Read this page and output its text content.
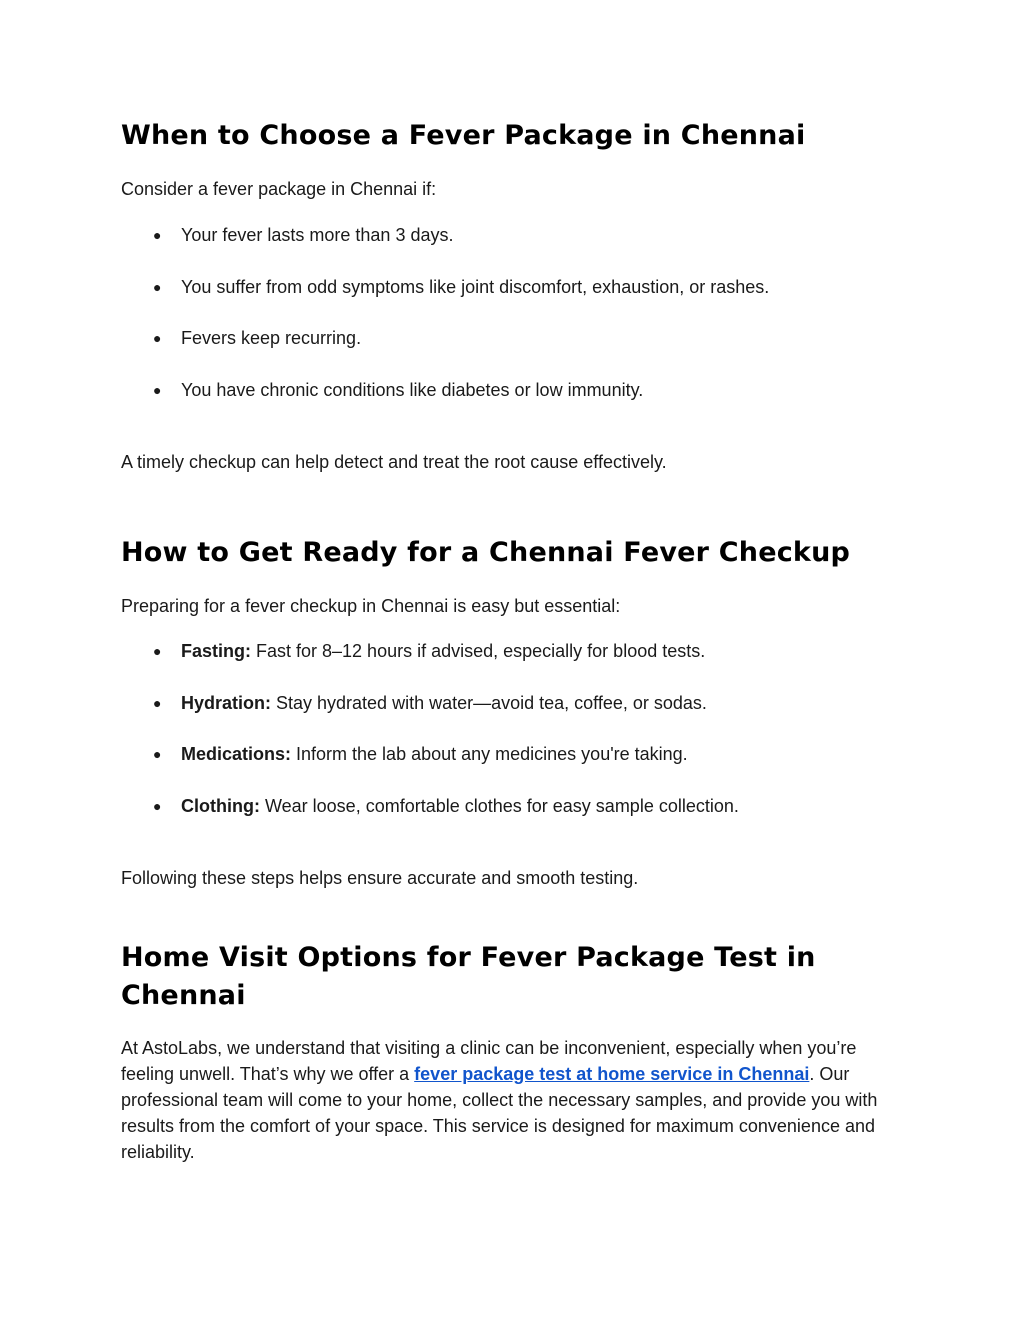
When to Choose a Fever Package in Chennai

Consider a fever package in Chennai if:

● Your fever lasts more than 3 days.
● You suffer from odd symptoms like joint discomfort, exhaustion, or rashes.
● Fevers keep recurring.
● You have chronic conditions like diabetes or low immunity.

A timely checkup can help detect and treat the root cause effectively.

How to Get Ready for a Chennai Fever Checkup

Preparing for a fever checkup in Chennai is easy but essential:

● Fasting: Fast for 8–12 hours if advised, especially for blood tests.
● Hydration: Stay hydrated with water—avoid tea, coffee, or sodas.
● Medications: Inform the lab about any medicines you're taking.
● Clothing: Wear loose, comfortable clothes for easy sample collection.

Following these steps helps ensure accurate and smooth testing.

Home Visit Options for Fever Package Test in Chennai

At AstoLabs, we understand that visiting a clinic can be inconvenient, especially when you’re feeling unwell. That’s why we offer a fever package test at home service in Chennai. Our professional team will come to your home, collect the necessary samples, and provide you with results from the comfort of your space. This service is designed for maximum convenience and reliability.
